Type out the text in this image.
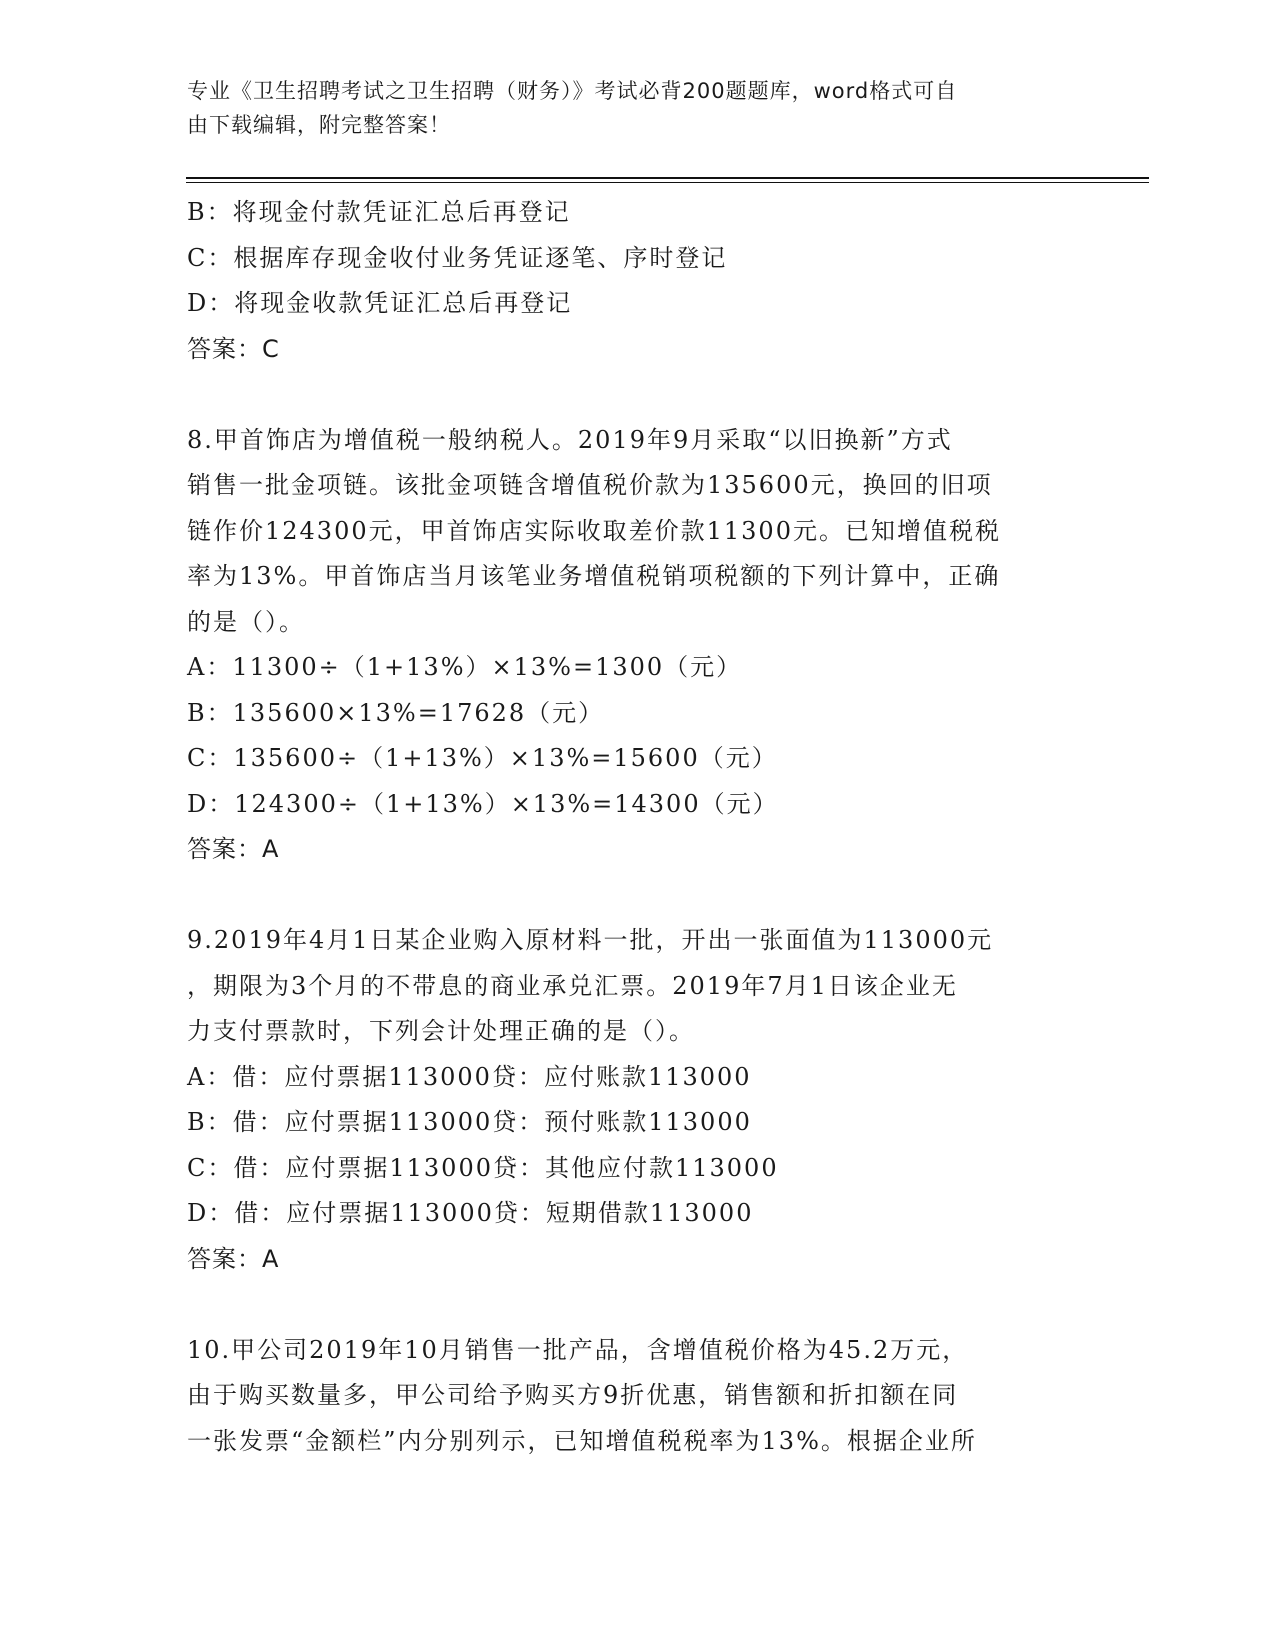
专业《卫生招聘考试之卫生招聘（财务）》考试必背200题题库，word格式可自
由下载编辑，附完整答案！
B：将现金付款凭证汇总后再登记
C：根据库存现金收付业务凭证逐笔、序时登记
D：将现金收款凭证汇总后再登记
答案：C
8.甲首饰店为增值税一般纳税人。2019年9月采取“以旧换新”方式
销售一批金项链。该批金项链含增值税价款为135600元，换回的旧项
链作价124300元，甲首饰店实际收取差价款11300元。已知增值税税
率为13%。甲首饰店当月该笔业务增值税销项税额的下列计算中，正确
的是（）。
A：11300÷（1+13%）×13%=1300（元）
B：135600×13%=17628（元）
C：135600÷（1+13%）×13%=15600（元）
D：124300÷（1+13%）×13%=14300（元）
答案：A
9.2019年4月1日某企业购入原材料一批，开出一张面值为113000元
，期限为3个月的不带息的商业承兑汇票。2019年7月1日该企业无
力支付票款时，下列会计处理正确的是（）。
A：借：应付票据113000贷：应付账款113000
B：借：应付票据113000贷：预付账款113000
C：借：应付票据113000贷：其他应付款113000
D：借：应付票据113000贷：短期借款113000
答案：A
10.甲公司2019年10月销售一批产品，含增值税价格为45.2万元，
由于购买数量多，甲公司给予购买方9折优惠，销售额和折扣额在同
一张发票“金额栏”内分别列示，已知增值税税率为13%。根据企业所
